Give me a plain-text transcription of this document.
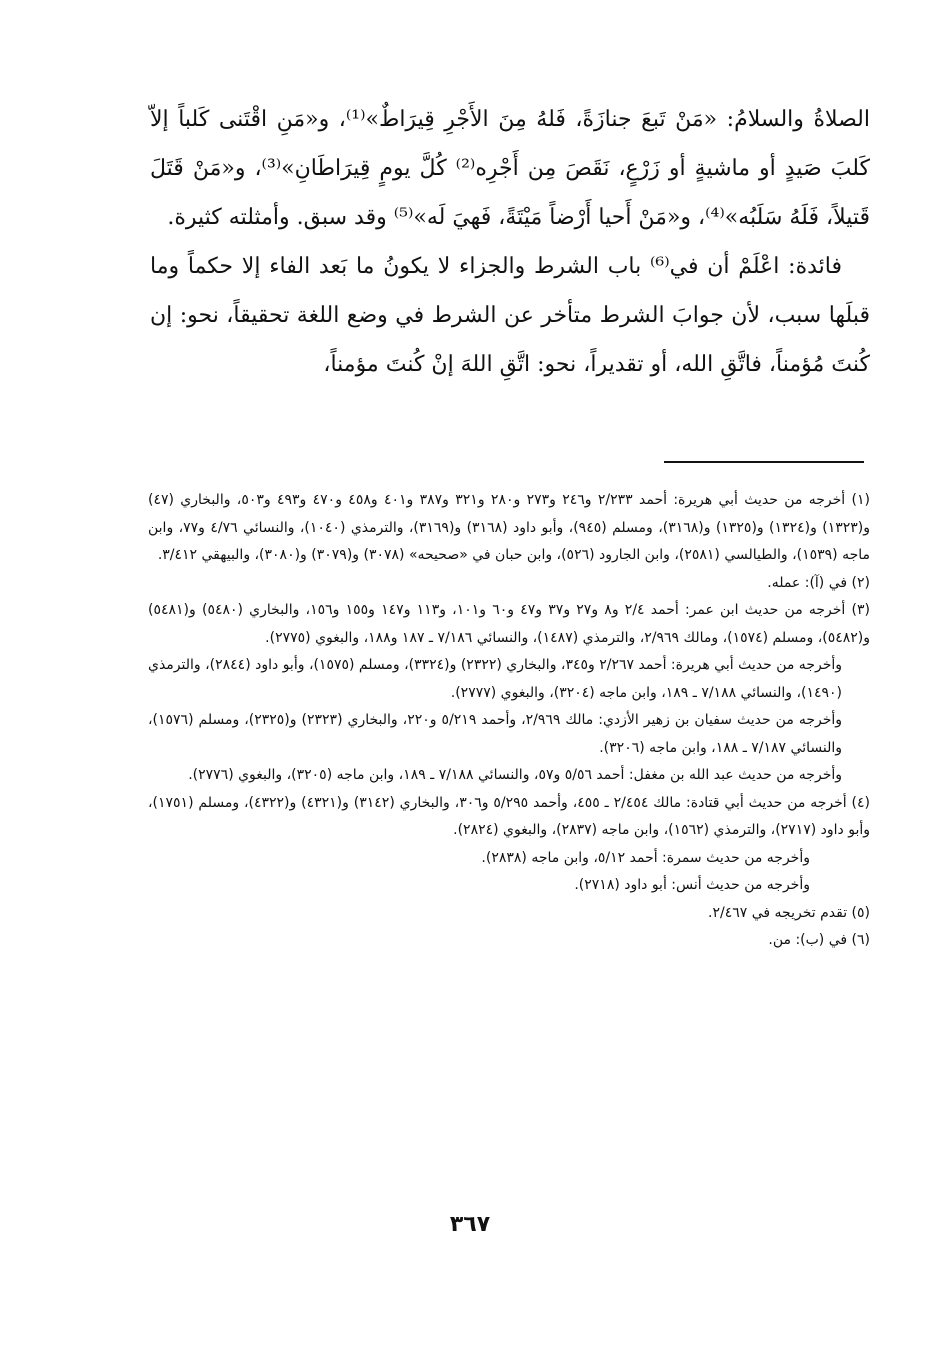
الصلاةُ والسلامُ: «مَنْ تَبعَ جنازَةً، فَلهُ مِنَ الأَجْرِ قِيرَاطٌ»⁽¹⁾، و«مَنِ اقْتَنى كَلباً إلاّ كَلبَ صَيدٍ أو ماشيةٍ أو زَرْعٍ، نَقَصَ مِن أَجْرِه⁽²⁾ كُلَّ يومٍ قِيرَاطَانِ»⁽³⁾، و«مَنْ قَتَلَ قَتيلاً، فَلَهُ سَلَبُه»⁽⁴⁾، و«مَنْ أَحيا أَرْضاً مَيْتَةً، فَهيَ لَه»⁽⁵⁾ وقد سبق. وأمثلته كثيرة.

فائدة: اعْلَمْ أن في⁽⁶⁾ باب الشرط والجزاء لا يكونُ ما بَعد الفاء إلا حكماً وما قبلَها سبب، لأن جوابَ الشرط متأخر عن الشرط في وضع اللغة تحقيقاً، نحو: إن كُنتَ مُؤمناً، فاتَّقِ الله، أو تقديراً، نحو: اتَّقِ اللهَ إنْ كُنتَ مؤمناً،

(١) أخرجه من حديث أبي هريرة: أحمد ٢/٢٣٣ و٢٤٦ و٢٧٣ و٢٨٠ و٣٢١ و٣٨٧ و٤٠١ و٤٥٨ و٤٧٠ و٤٩٣ و٥٠٣، والبخاري (٤٧) و(١٣٢٣) و(١٣٢٤) و(١٣٢٥) و(٣١٦٨)، ومسلم (٩٤٥)، وأبو داود (٣١٦٨) و(٣١٦٩)، والترمذي (١٠٤٠)، والنسائي ٤/٧٦ و٧٧، وابن ماجه (١٥٣٩)، والطيالسي (٢٥٨١)، وابن الجارود (٥٢٦)، وابن حبان في «صحيحه» (٣٠٧٨) و(٣٠٧٩) و(٣٠٨٠)، والبيهقي ٣/٤١٢.

(٢) في (آ): عمله.

(٣) أخرجه من حديث ابن عمر: أحمد ٢/٤ و٨ و٢٧ و٣٧ و٤٧ و٦٠ و١٠١، و١١٣ و١٤٧ و١٥٥ و١٥٦، والبخاري (٥٤٨٠) و(٥٤٨١) و(٥٤٨٢)، ومسلم (١٥٧٤)، ومالك ٢/٩٦٩، والترمذي (١٤٨٧)، والنسائي ٧/١٨٦ ـ ١٨٧ و١٨٨، والبغوي (٢٧٧٥).

وأخرجه من حديث أبي هريرة: أحمد ٢/٢٦٧ و٣٤٥، والبخاري (٢٣٢٢) و(٣٣٢٤)، ومسلم (١٥٧٥)، وأبو داود (٢٨٤٤)، والترمذي (١٤٩٠)، والنسائي ٧/١٨٨ ـ ١٨٩، وابن ماجه (٣٢٠٤)، والبغوي (٢٧٧٧).

وأخرجه من حديث سفيان بن زهير الأزدي: مالك ٢/٩٦٩، وأحمد ٥/٢١٩ و٢٢٠، والبخاري (٢٣٢٣) و(٢٣٢٥)، ومسلم (١٥٧٦)، والنسائي ٧/١٨٧ ـ ١٨٨، وابن ماجه (٣٢٠٦).

وأخرجه من حديث عبد الله بن مغفل: أحمد ٥/٥٦ و٥٧، والنسائي ٧/١٨٨ ـ ١٨٩، وابن ماجه (٣٢٠٥)، والبغوي (٢٧٧٦).

(٤) أخرجه من حديث أبي قتادة: مالك ٢/٤٥٤ ـ ٤٥٥، وأحمد ٥/٢٩٥ و٣٠٦، والبخاري (٣١٤٢) و(٤٣٢١) و(٤٣٢٢)، ومسلم (١٧٥١)، وأبو داود (٢٧١٧)، والترمذي (١٥٦٢)، وابن ماجه (٢٨٣٧)، والبغوي (٢٨٢٤).

وأخرجه من حديث سمرة: أحمد ٥/١٢، وابن ماجه (٢٨٣٨).

وأخرجه من حديث أنس: أبو داود (٢٧١٨).

(٥) تقدم تخريجه في ٢/٤٦٧.

(٦) في (ب): من.

٣٦٧
